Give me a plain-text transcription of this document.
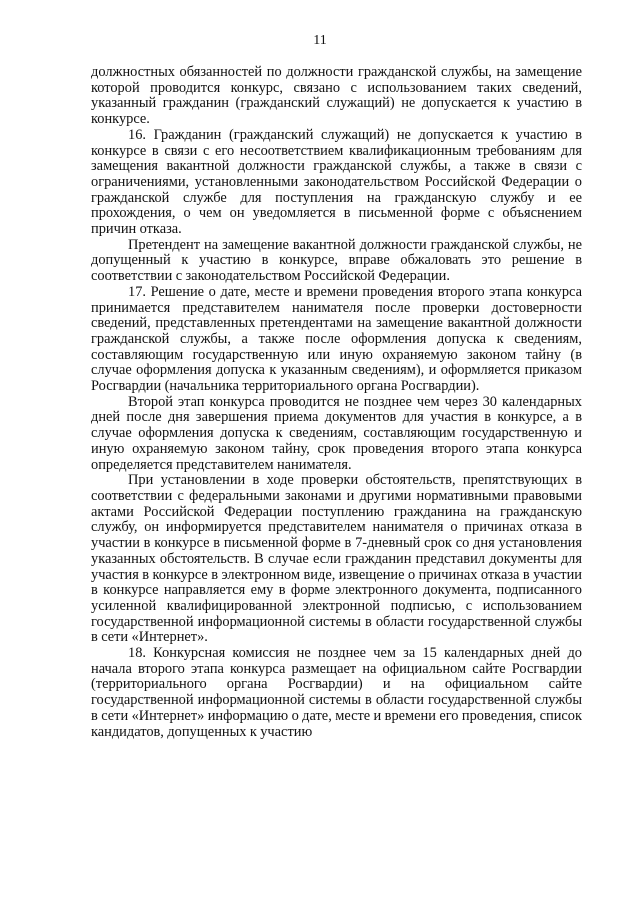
11

должностных обязанностей по должности гражданской службы, на замещение которой проводится конкурс, связано с использованием таких сведений, указанный гражданин (гражданский служащий) не допускается к участию в конкурсе.

16. Гражданин (гражданский служащий) не допускается к участию в конкурсе в связи с его несоответствием квалификационным требованиям для замещения вакантной должности гражданской службы, а также в связи с ограничениями, установленными законодательством Российской Федерации о гражданской службе для поступления на гражданскую службу и ее прохождения, о чем он уведомляется в письменной форме с объяснением причин отказа.

Претендент на замещение вакантной должности гражданской службы, не допущенный к участию в конкурсе, вправе обжаловать это решение в соответствии с законодательством Российской Федерации.

17. Решение о дате, месте и времени проведения второго этапа конкурса принимается представителем нанимателя после проверки достоверности сведений, представленных претендентами на замещение вакантной должности гражданской службы, а также после оформления допуска к сведениям, составляющим государственную или иную охраняемую законом тайну (в случае оформления допуска к указанным сведениям), и оформляется приказом Росгвардии (начальника территориального органа Росгвардии).

Второй этап конкурса проводится не позднее чем через 30 календарных дней после дня завершения приема документов для участия в конкурсе, а в случае оформления допуска к сведениям, составляющим государственную и иную охраняемую законом тайну, срок проведения второго этапа конкурса определяется представителем нанимателя.

При установлении в ходе проверки обстоятельств, препятствующих в соответствии с федеральными законами и другими нормативными правовыми актами Российской Федерации поступлению гражданина на гражданскую службу, он информируется представителем нанимателя о причинах отказа в участии в конкурсе в письменной форме в 7-дневный срок со дня установления указанных обстоятельств. В случае если гражданин представил документы для участия в конкурсе в электронном виде, извещение о причинах отказа в участии в конкурсе направляется ему в форме электронного документа, подписанного усиленной квалифицированной электронной подписью, с использованием государственной информационной системы в области государственной службы в сети «Интернет».

18. Конкурсная комиссия не позднее чем за 15 календарных дней до начала второго этапа конкурса размещает на официальном сайте Росгвардии (территориального органа Росгвардии) и на официальном сайте государственной информационной системы в области государственной службы в сети «Интернет» информацию о дате, месте и времени его проведения, список кандидатов, допущенных к участию
